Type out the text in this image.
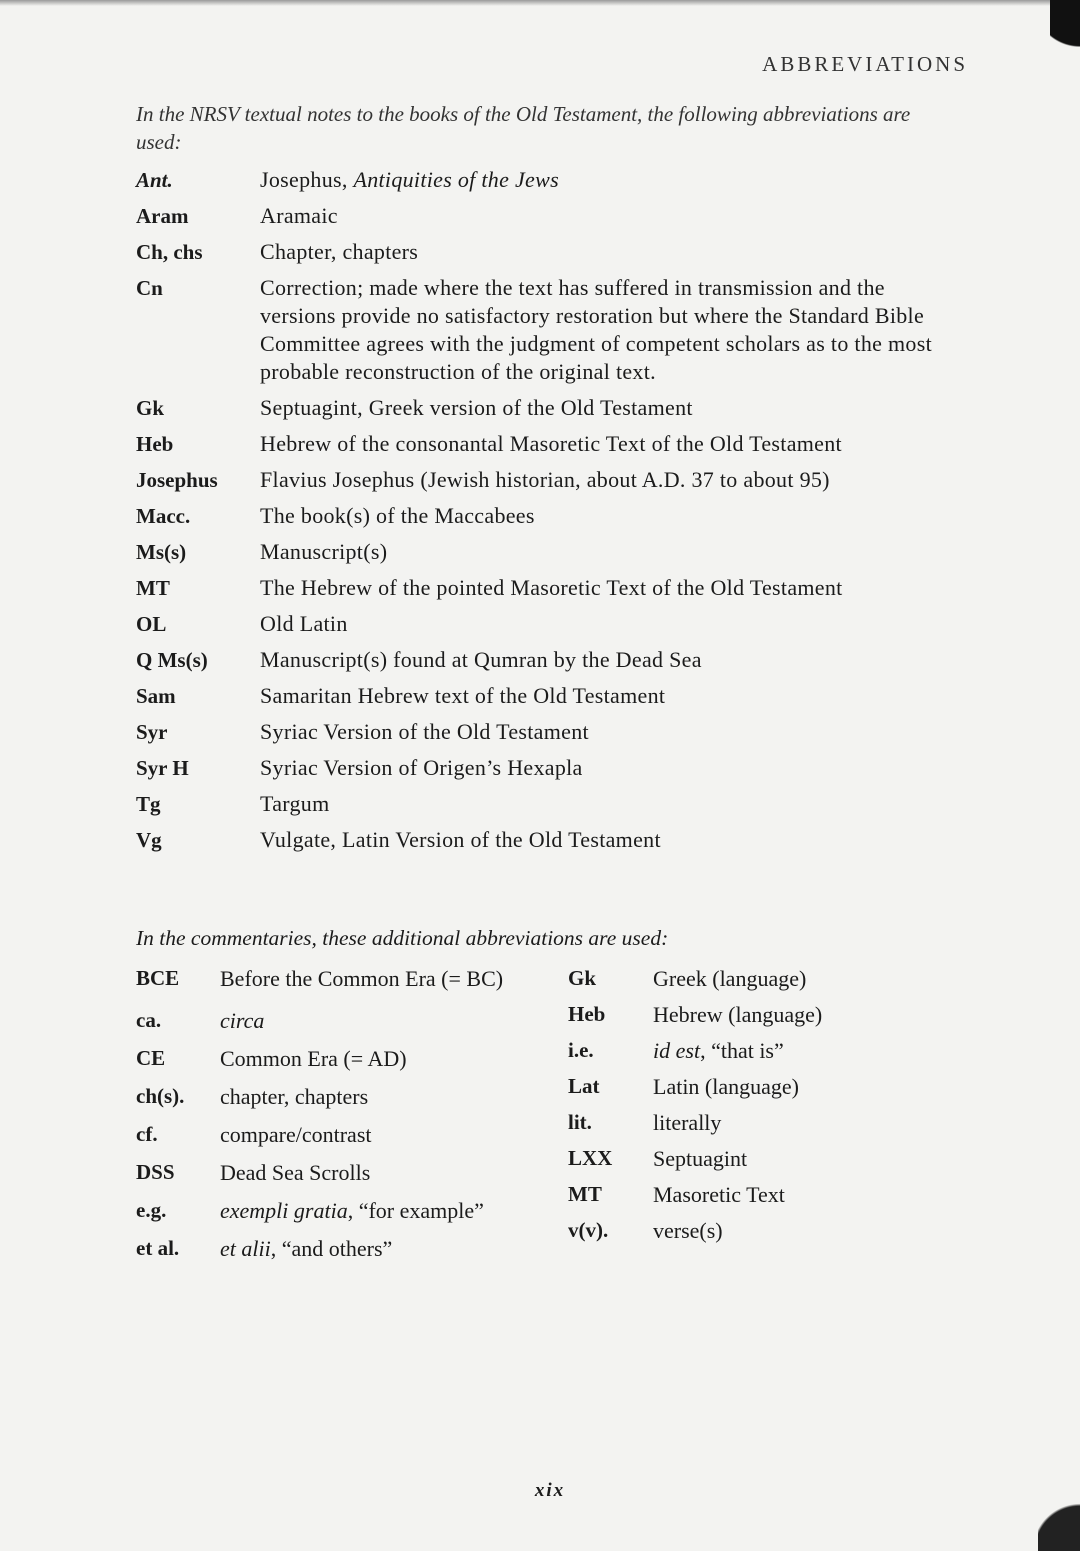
ABBREVIATIONS
In the NRSV textual notes to the books of the Old Testament, the following abbreviations are used:
Ant.	Josephus, Antiquities of the Jews
Aram	Aramaic
Ch, chs	Chapter, chapters
Cn	Correction; made where the text has suffered in transmission and the versions provide no satisfactory restoration but where the Standard Bible Committee agrees with the judgment of competent scholars as to the most probable reconstruction of the original text.
Gk	Septuagint, Greek version of the Old Testament
Heb	Hebrew of the consonantal Masoretic Text of the Old Testament
Josephus	Flavius Josephus (Jewish historian, about A.D. 37 to about 95)
Macc.	The book(s) of the Maccabees
Ms(s)	Manuscript(s)
MT	The Hebrew of the pointed Masoretic Text of the Old Testament
OL	Old Latin
Q Ms(s)	Manuscript(s) found at Qumran by the Dead Sea
Sam	Samaritan Hebrew text of the Old Testament
Syr	Syriac Version of the Old Testament
Syr H	Syriac Version of Origen’s Hexapla
Tg	Targum
Vg	Vulgate, Latin Version of the Old Testament
In the commentaries, these additional abbreviations are used:
BCE	Before the Common Era (= BC)
ca.	circa
CE	Common Era (= AD)
ch(s).	chapter, chapters
cf.	compare/contrast
DSS	Dead Sea Scrolls
e.g.	exempli gratia, “for example”
et al.	et alii, “and others”
Gk	Greek (language)
Heb	Hebrew (language)
i.e.	id est, “that is”
Lat	Latin (language)
lit.	literally
LXX	Septuagint
MT	Masoretic Text
v(v).	verse(s)
xix
